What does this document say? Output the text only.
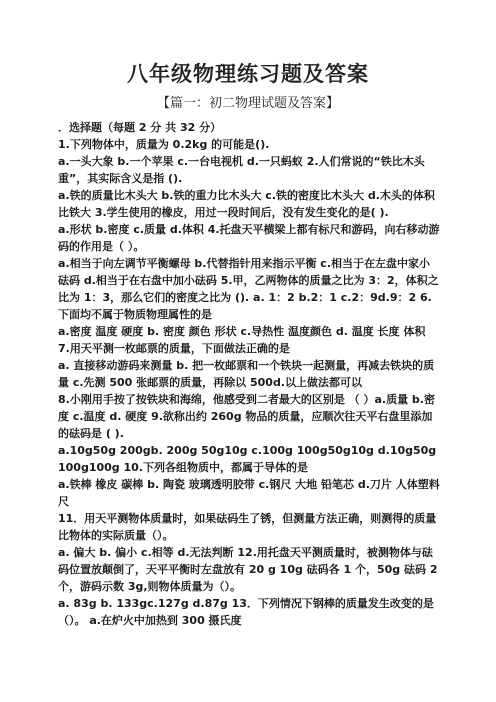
八年级物理练习题及答案
【篇一：初二物理试题及答案】

．选择题（每题 2 分 共 32 分）

1.下列物体中，质量为 0.2kg 的可能是().

a.一头大象 b.一个苹果 c.一台电视机 d.一只蚂蚁 2.人们常说的“铁比木头重”，其实际含义是指 ().

a.铁的质量比木头大 b.铁的重力比木头大 c.铁的密度比木头大 d.木头的体积比铁大 3.学生使用的橡皮，用过一段时间后，没有发生变化的是( ).

a.形状 b.密度 c.质量 d.体积 4.托盘天平横梁上都有标尺和游码，向右移动游码的作用是（ ）。

a.相当于向左调节平衡螺母 b.代替指针用来指示平衡 c.相当于在左盘中家小砝码 d.相当于在右盘中加小砝码 5.甲，乙两物体的质量之比为 3：2，体积之比为 1：3，那么它们的密度之比为 (). a. 1：2 b.2：1 c.2：9d.9：2 6.下面均不属于物质物理属性的是

a.密度 温度 硬度 b. 密度 颜色 形状 c.导热性 温度颜色 d. 温度 长度 体积 7.用天平测一枚邮票的质量，下面做法正确的是

a. 直接移动游码来测量 b. 把一枚邮票和一个铁块一起测量，再减去铁块的质量 c.先测 500 张邮票的质量，再除以 500d.以上做法都可以

8.小刚用手按了按铁块和海绵，他感受到二者最大的区别是 （ ）a.质量 b.密度 c.温度 d. 硬度 9.欲称出约 260g 物品的质量，应顺次往天平右盘里添加的砝码是 ( ).

a.10g50g 200gb. 200g 50g10g c.100g 100g50g10g d.10g50g 100g100g 10.下列各组物质中，都属于导体的是

a.铁棒 橡皮 碳棒 b. 陶瓷 玻璃透明胶带 c.钢尺 大地 铅笔芯 d.刀片 人体塑料尺

11．用天平测物体质量时，如果砝码生了锈，但测量方法正确，则测得的质量比物体的实际质量（）。

a. 偏大 b. 偏小 c.相等 d.无法判断 12.用托盘天平测质量时，被测物体与砝码位置放颠倒了，天平平衡时左盘放有 20 g 10g 砝码各 1 个，50g 砝码 2 个，游码示数 3g,则物体质量为（）。

a. 83g b. 133gc.127g d.87g 13．下列情况下钢棒的质量发生改变的是（）。 a.在炉火中加热到 300 摄氏度
